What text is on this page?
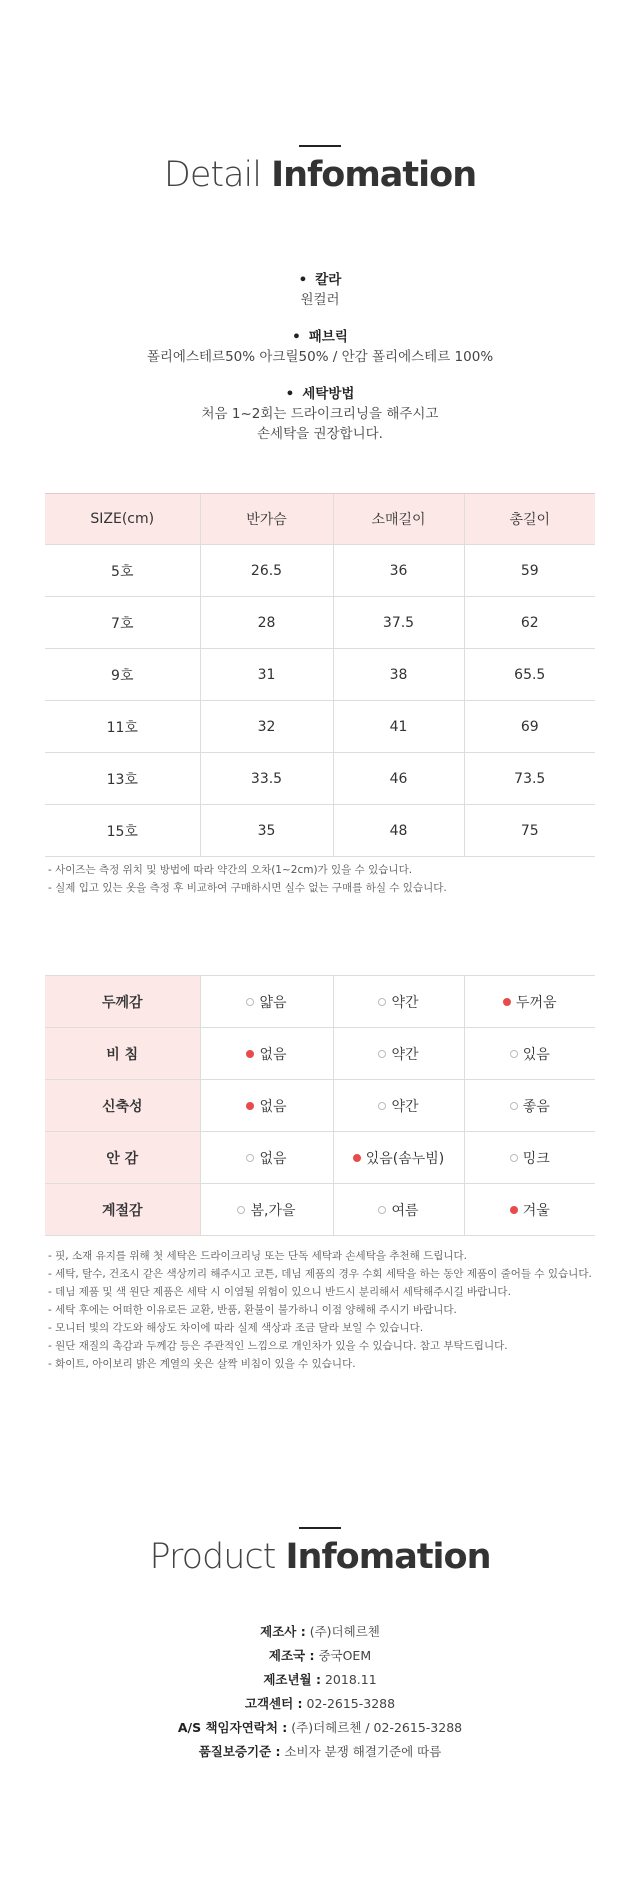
Detail Infomation
• 칼라
원컬러
• 패브릭
폴리에스테르50% 아크릴50% / 안감 폴리에스테르 100%
• 세탁방법
처음 1~2회는 드라이크리닝을 해주시고
손세탁을 권장합니다.
SIZE(cm)	반가슴	소매길이	총길이
5호	26.5	36	59
7호	28	37.5	62
9호	31	38	65.5
11호	32	41	69
13호	33.5	46	73.5
15호	35	48	75
- 사이즈는 측정 위치 및 방법에 따라 약간의 오차(1~2cm)가 있을 수 있습니다.
- 실제 입고 있는 옷을 측정 후 비교하여 구매하시면 실수 없는 구매를 하실 수 있습니다.
두께감	얇음	약간	두꺼움
비 침	없음	약간	있음
신축성	없음	약간	좋음
안 감	없음	있음(솜누빔)	밍크
계절감	봄,가을	여름	겨울
- 핏, 소재 유지를 위해 첫 세탁은 드라이크리닝 또는 단독 세탁과 손세탁을 추천해 드립니다.
- 세탁, 탈수, 건조시 같은 색상끼리 해주시고 코튼, 데님 제품의 경우 수회 세탁을 하는 동안 제품이 줄어들 수 있습니다.
- 데님 제품 및 색 원단 제품은 세탁 시 이염될 위험이 있으니 반드시 분리해서 세탁해주시길 바랍니다.
- 세탁 후에는 어떠한 이유로든 교환, 반품, 환불이 불가하니 이점 양해해 주시기 바랍니다.
- 모니터 빛의 각도와 해상도 차이에 따라 실제 색상과 조금 달라 보일 수 있습니다.
- 원단 재질의 촉감과 두께감 등은 주관적인 느낌으로 개인차가 있을 수 있습니다. 참고 부탁드립니다.
- 화이트, 아이보리 밝은 계열의 옷은 살짝 비침이 있을 수 있습니다.
Product Infomation
제조사 : (주)더헤르첸
제조국 : 중국OEM
제조년월 : 2018.11
고객센터 : 02-2615-3288
A/S 책임자연락처 : (주)더헤르첸 / 02-2615-3288
품질보증기준 : 소비자 분쟁 해결기준에 따름
